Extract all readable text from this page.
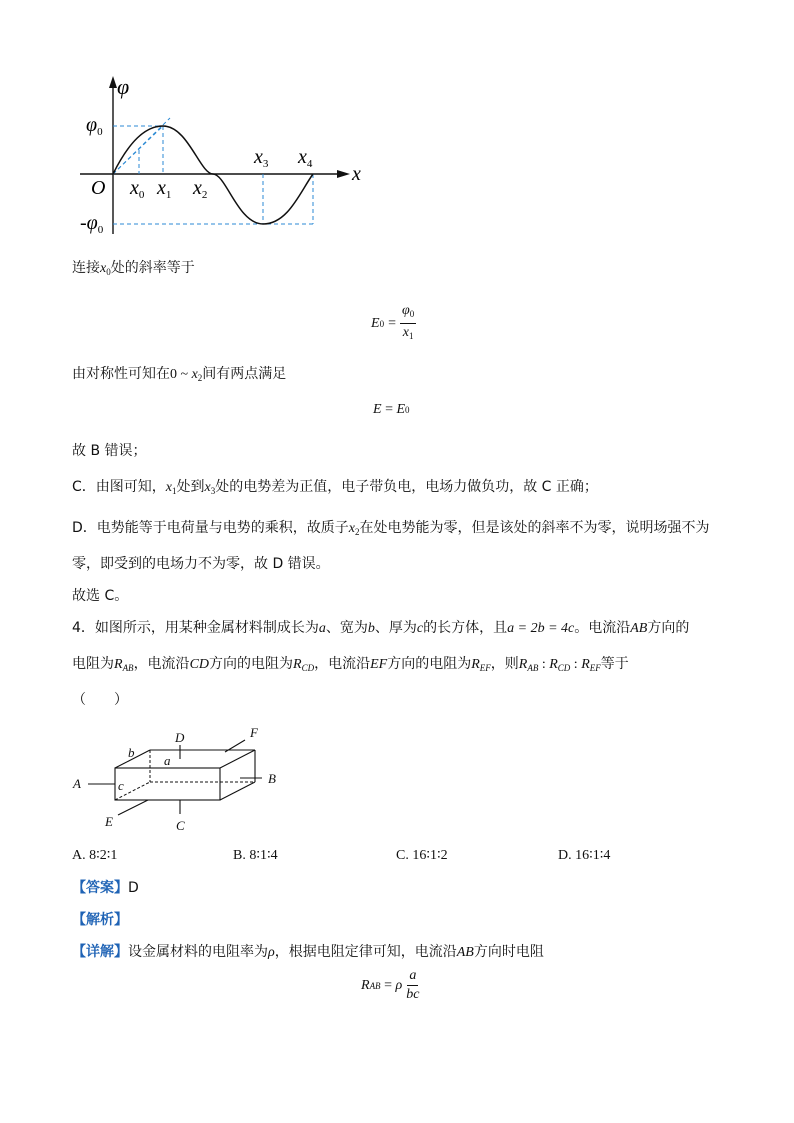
φ
$\varphi_0$
$-\varphi_0$
O
x
$x_0$ $x_1$ $x_2$
$x_3$ $x_4$
连接$x_0$处的斜率等于
E $0 = \frac{\varphi_0}{x_1}$
由对称性可知在0 ~ $x_2$间有两点满足
E = E 0
故 B 错误；
C．由图可知，$x_1$处到$x_3$处的电势差为正值，电子带负电，电场力做负功，故 C 正确；
D．电势能等于电荷量与电势的乘积，故质子$x_2$在处电势能为零，但是该处的斜率不为零，说明场强不为
零，即受到的电场力不为零，故 D 错误。
故选 C。
4．如图所示，用某种金属材料制成长为a、宽为b、厚为c的长方体，且a = 2b = 4c。电流沿AB方向的
电阻为$R_{AB}$，电流沿CD方向的电阻为$R_{CD}$，电流沿EF方向的电阻为$R_{EF}$，则$R_{AB}$ : $R_{CD}$ : $R_{EF}$等于
（　　）
A	B
C
D
E
F
a
b
c
A. 8∶2∶1	B. 8∶1∶4	C. 16∶1∶2	D. 16∶1∶4
【答案】D
【解析】
【详解】设金属材料的电阻率为ρ，根据电阻定律可知，电流沿AB方向时电阻
R AB = ρ $\frac{a}{bc}$
